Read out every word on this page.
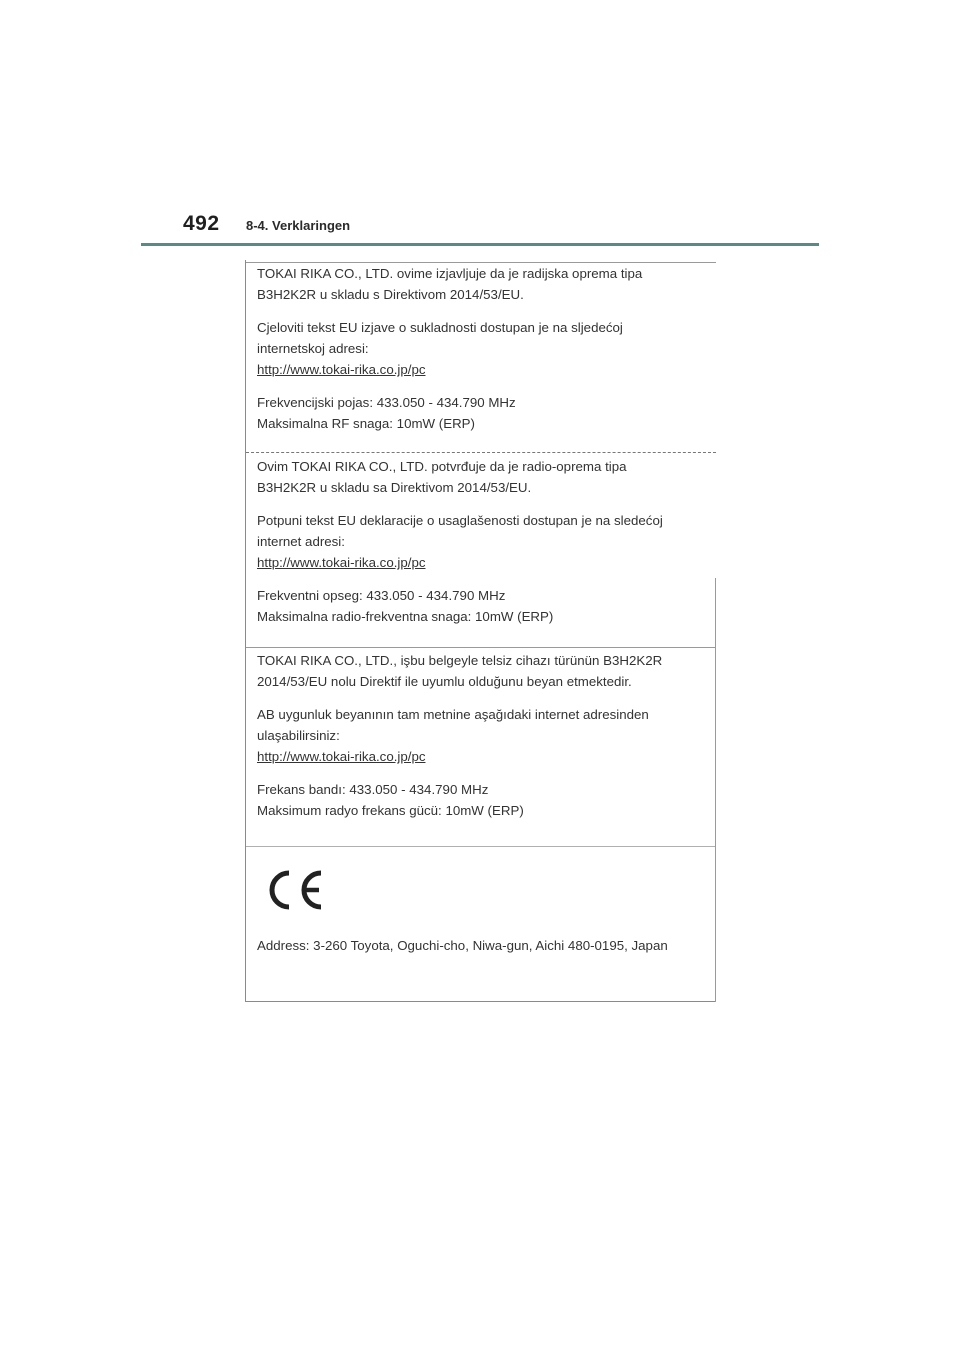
492 8-4. Verklaringen

TOKAI RIKA CO., LTD. ovime izjavljuje da je radijska oprema tipa

B3H2K2R u skladu s Direktivom 2014/53/EU.

Cjeloviti tekst EU izjave o sukladnosti dostupan je na sljedećoj

internetskoj adresi:

http://www.tokai-rika.co.jp/pc

Frekvencijski pojas: 433.050 - 434.790 MHz

Maksimalna RF snaga: 10mW (ERP)

Ovim TOKAI RIKA CO., LTD. potvrđuje da je radio-oprema tipa

B3H2K2R u skladu sa Direktivom 2014/53/EU.

Potpuni tekst EU deklaracije o usaglašenosti dostupan je na sledećoj

internet adresi:

http://www.tokai-rika.co.jp/pc

Frekventni opseg: 433.050 - 434.790 MHz

Maksimalna radio-frekventna snaga: 10mW (ERP)

TOKAI RIKA CO., LTD., işbu belgeyle telsiz cihazı türünün B3H2K2R

2014/53/EU nolu Direktif ile uyumlu olduğunu beyan etmektedir.

AB uygunluk beyanının tam metnine aşağıdaki internet adresinden

ulaşabilirsiniz:

http://www.tokai-rika.co.jp/pc

Frekans bandı: 433.050 - 434.790 MHz

Maksimum radyo frekans gücü: 10mW (ERP)

Address: 3-260 Toyota, Oguchi-cho, Niwa-gun, Aichi 480-0195, Japan
